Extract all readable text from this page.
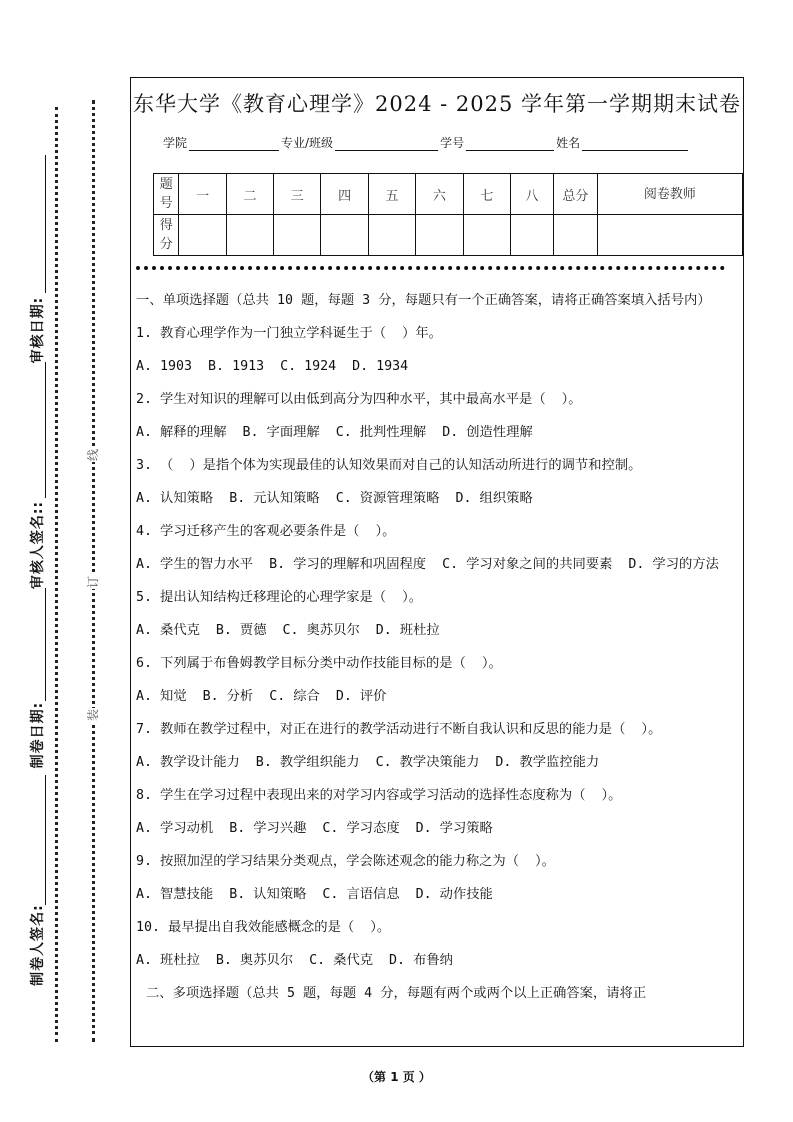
审核日期:
审核人签名::
制卷日期:
制卷人签名:
线
订
装
东华大学《教育心理学》2024 - 2025 学年第一学期期末试卷
学院	专业/班级	学号	姓名
题号	一	二	三	四	五	六	七	八	总分	阅卷教师
得分										

一、单项选择题（总共 10 题，每题 3 分，每题只有一个正确答案，请将正确答案填入括号内）

1. 教育心理学作为一门独立学科诞生于（  ）年。

A. 1903  B. 1913  C. 1924  D. 1934

2. 学生对知识的理解可以由低到高分为四种水平，其中最高水平是（  ）。

A. 解释的理解  B. 字面理解  C. 批判性理解  D. 创造性理解

3. （  ）是指个体为实现最佳的认知效果而对自己的认知活动所进行的调节和控制。

A. 认知策略  B. 元认知策略  C. 资源管理策略  D. 组织策略

4. 学习迁移产生的客观必要条件是（  ）。

A. 学生的智力水平  B. 学习的理解和巩固程度  C. 学习对象之间的共同要素  D. 学习的方法

5. 提出认知结构迁移理论的心理学家是（  ）。

A. 桑代克  B. 贾德  C. 奥苏贝尔  D. 班杜拉

6. 下列属于布鲁姆教学目标分类中动作技能目标的是（  ）。

A. 知觉  B. 分析  C. 综合  D. 评价

7. 教师在教学过程中，对正在进行的教学活动进行不断自我认识和反思的能力是（  ）。

A. 教学设计能力  B. 教学组织能力  C. 教学决策能力  D. 教学监控能力

8. 学生在学习过程中表现出来的对学习内容或学习活动的选择性态度称为（  ）。

A. 学习动机  B. 学习兴趣  C. 学习态度  D. 学习策略

9. 按照加涅的学习结果分类观点，学会陈述观念的能力称之为（  ）。

A. 智慧技能  B. 认知策略  C. 言语信息  D. 动作技能

10. 最早提出自我效能感概念的是（  ）。

A. 班杜拉  B. 奥苏贝尔  C. 桑代克  D. 布鲁纳

二、多项选择题（总共 5 题，每题 4 分，每题有两个或两个以上正确答案，请将正

（第 1 页 ）
